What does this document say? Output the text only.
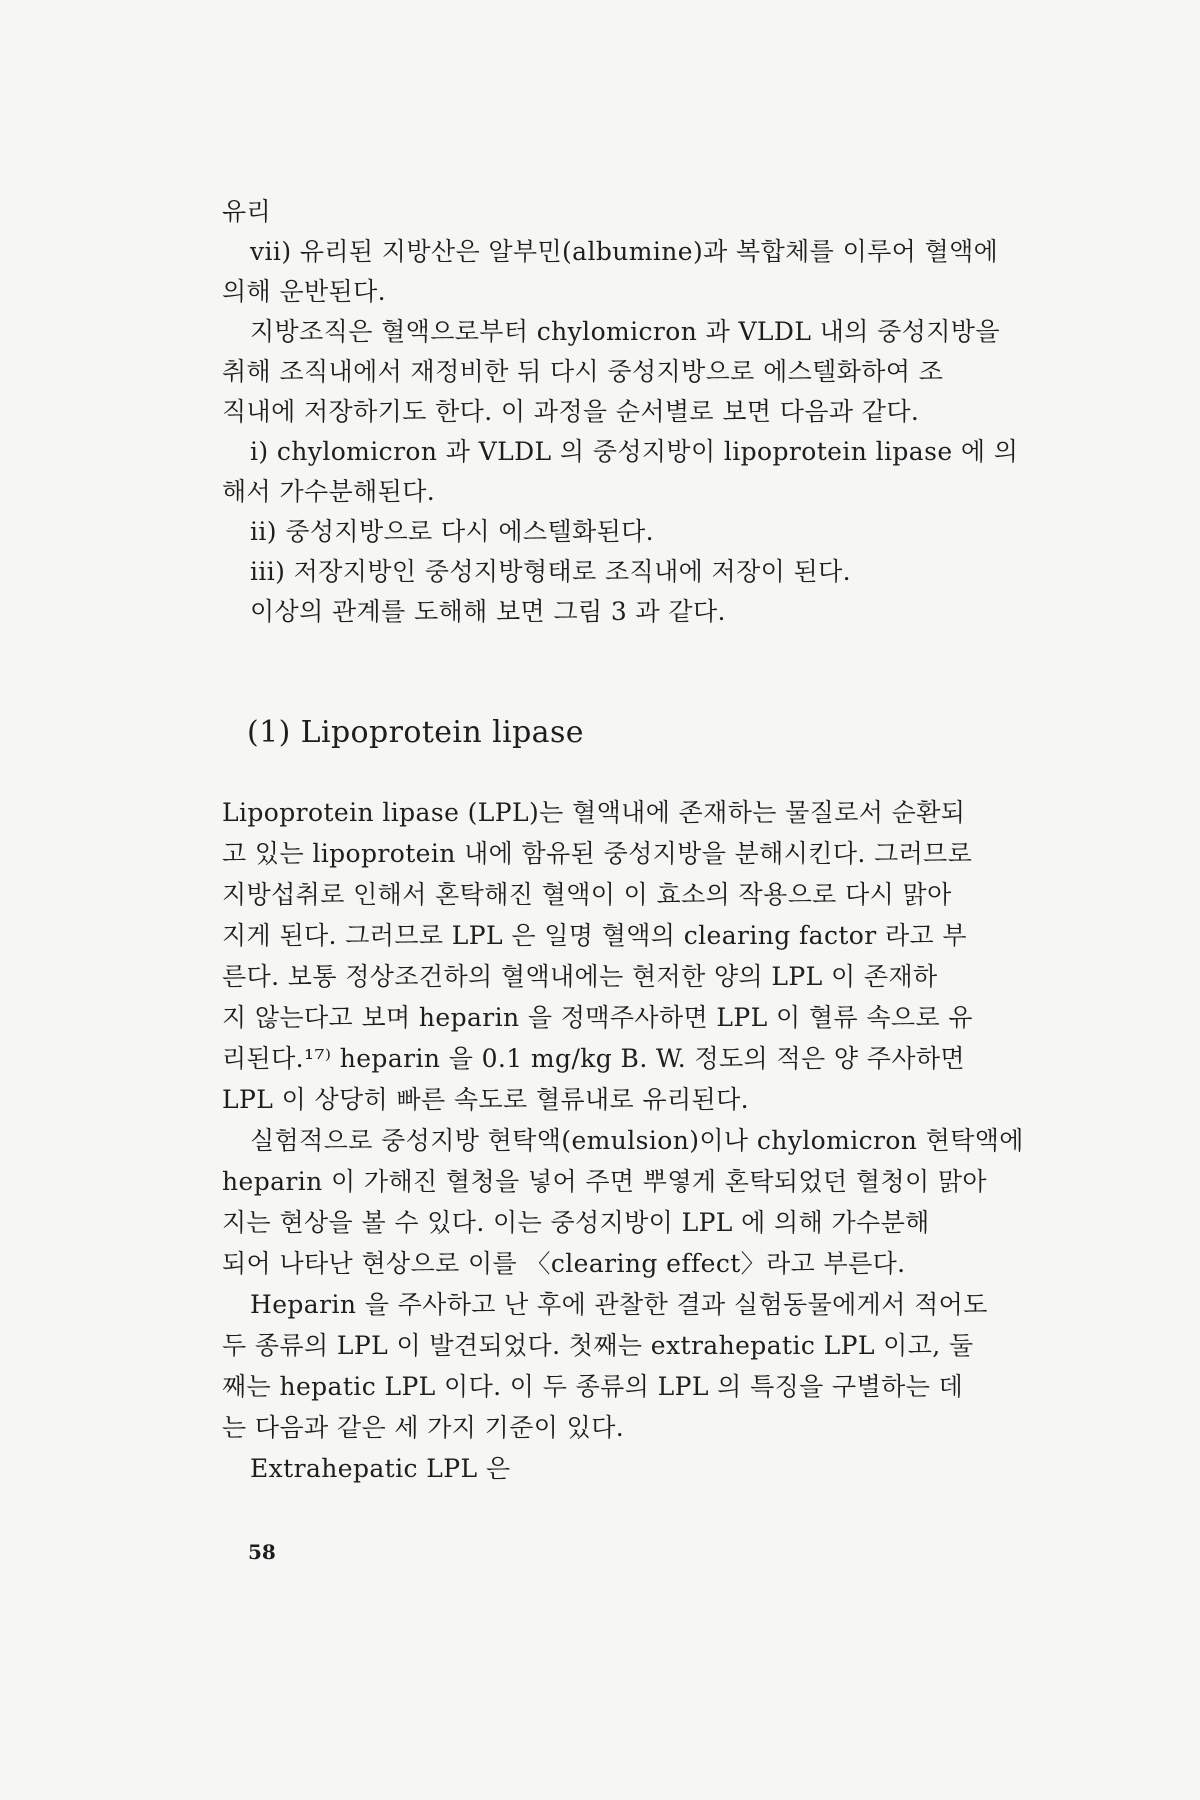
유리

vii) 유리된 지방산은 알부민(albumine)과 복합체를 이루어 혈액에

의해 운반된다.

지방조직은 혈액으로부터 chylomicron 과 VLDL 내의 중성지방을

취해 조직내에서 재정비한 뒤 다시 중성지방으로 에스텔화하여 조

직내에 저장하기도 한다. 이 과정을 순서별로 보면 다음과 같다.

i) chylomicron 과 VLDL 의 중성지방이 lipoprotein lipase 에 의

해서 가수분해된다.

ii) 중성지방으로 다시 에스텔화된다.

iii) 저장지방인 중성지방형태로 조직내에 저장이 된다.

이상의 관계를 도해해 보면 그림 3 과 같다.

(1) Lipoprotein lipase

Lipoprotein lipase (LPL)는 혈액내에 존재하는 물질로서 순환되

고 있는 lipoprotein 내에 함유된 중성지방을 분해시킨다. 그러므로

지방섭취로 인해서 혼탁해진 혈액이 이 효소의 작용으로 다시 맑아

지게 된다. 그러므로 LPL 은 일명 혈액의 clearing factor 라고 부

른다. 보통 정상조건하의 혈액내에는 현저한 양의 LPL 이 존재하

지 않는다고 보며 heparin 을 정맥주사하면 LPL 이 혈류 속으로 유

리된다.¹⁷⁾ heparin 을 0.1 mg/kg B. W. 정도의 적은 양 주사하면

LPL 이 상당히 빠른 속도로 혈류내로 유리된다.

실험적으로 중성지방 현탁액(emulsion)이나 chylomicron 현탁액에

heparin 이 가해진 혈청을 넣어 주면 뿌옇게 혼탁되었던 혈청이 맑아

지는 현상을 볼 수 있다. 이는 중성지방이 LPL 에 의해 가수분해

되어 나타난 현상으로 이를 〈clearing effect〉라고 부른다.

Heparin 을 주사하고 난 후에 관찰한 결과 실험동물에게서 적어도

두 종류의 LPL 이 발견되었다. 첫째는 extrahepatic LPL 이고, 둘

째는 hepatic LPL 이다. 이 두 종류의 LPL 의 특징을 구별하는 데

는 다음과 같은 세 가지 기준이 있다.

Extrahepatic LPL 은

58
